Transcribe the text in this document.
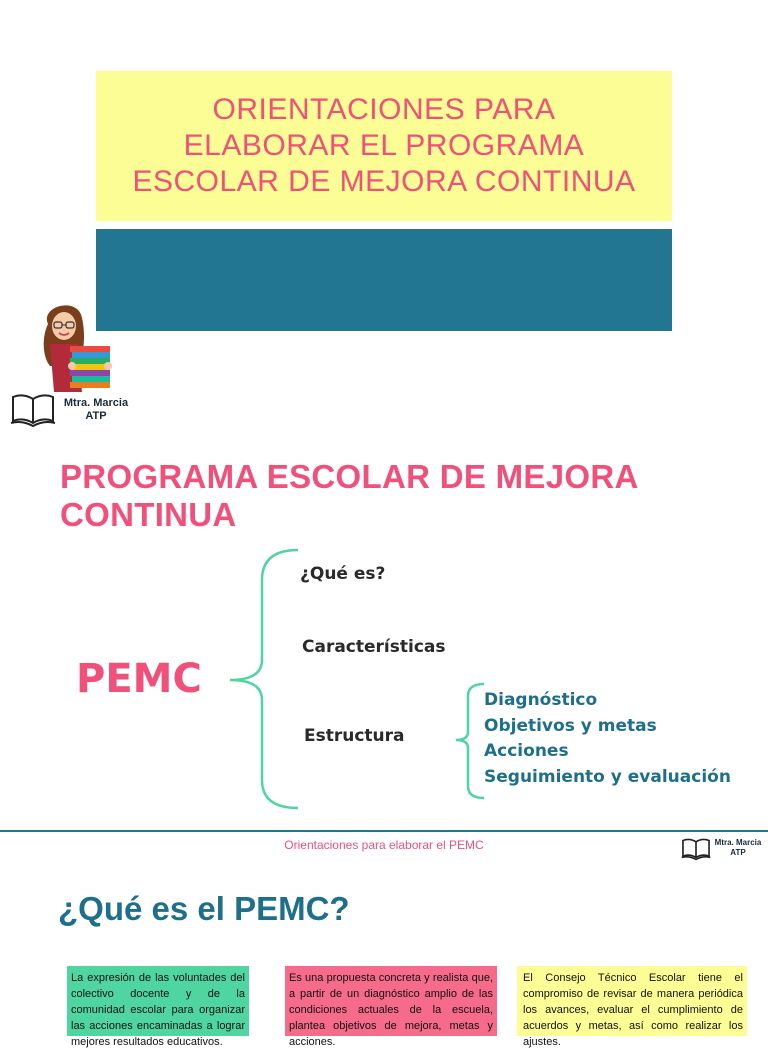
ORIENTACIONES PARA ELABORAR EL PROGRAMA ESCOLAR DE MEJORA CONTINUA
Mtra. Marcia
ATP
PROGRAMA ESCOLAR DE MEJORA CONTINUA
PEMC
¿Qué es?
Características
Estructura
Diagnóstico
Objetivos y metas
Acciones
Seguimiento y evaluación
Orientaciones para elaborar el PEMC	Mtra. Marcia
ATP
¿Qué es el PEMC?
La expresión de las voluntades del colectivo docente y de la comunidad escolar para organizar las acciones encaminadas a lograr mejores resultados educativos.
Es una propuesta concreta y realista que, a partir de un diagnóstico amplio de las condiciones actuales de la escuela, plantea objetivos de mejora, metas y acciones.
El Consejo Técnico Escolar tiene el compromiso de revisar de manera periódica los avances, evaluar el cumplimiento de acuerdos y metas, así como realizar los ajustes.
